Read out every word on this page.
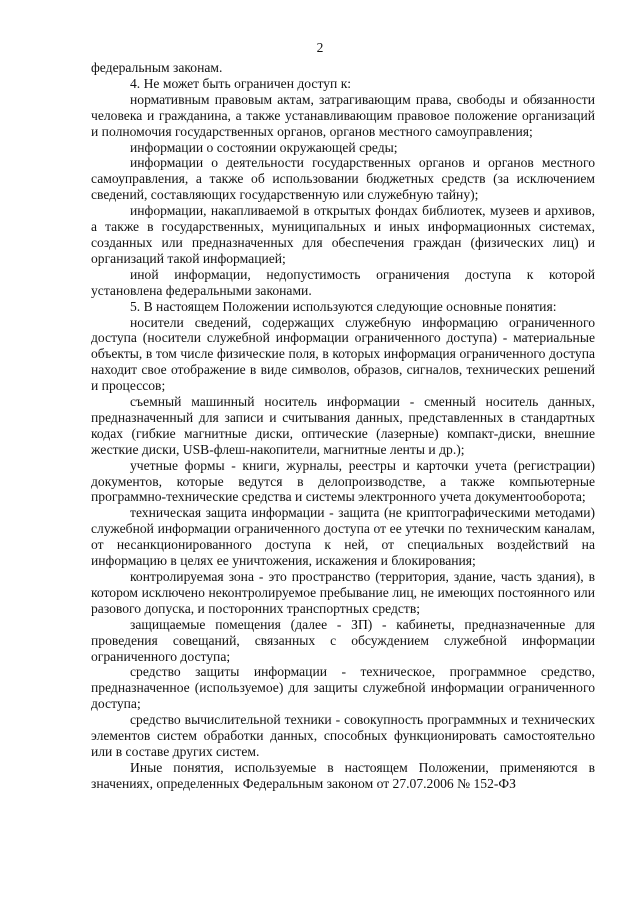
2

федеральным законам.

4. Не может быть ограничен доступ к:

нормативным правовым актам, затрагивающим права, свободы и обязанности человека и гражданина, а также устанавливающим правовое положение организаций и полномочия государственных органов, органов местного самоуправления;

информации о состоянии окружающей среды;

информации о деятельности государственных органов и органов местного самоуправления, а также об использовании бюджетных средств (за исключением сведений, составляющих государственную или служебную тайну);

информации, накапливаемой в открытых фондах библиотек, музеев и архивов, а также в государственных, муниципальных и иных информационных системах, созданных или предназначенных для обеспечения граждан (физических лиц) и организаций такой информацией;

иной информации, недопустимость ограничения доступа к которой установлена федеральными законами.

5. В настоящем Положении используются следующие основные понятия:

носители сведений, содержащих служебную информацию ограниченного доступа (носители служебной информации ограниченного доступа) - материальные объекты, в том числе физические поля, в которых информация ограниченного доступа находит свое отображение в виде символов, образов, сигналов, технических решений и процессов;

съемный машинный носитель информации - сменный носитель данных, предназначенный для записи и считывания данных, представленных в стандартных кодах (гибкие магнитные диски, оптические (лазерные) компакт-диски, внешние жесткие диски, USB-флеш-накопители, магнитные ленты и др.);

учетные формы - книги, журналы, реестры и карточки учета (регистрации) документов, которые ведутся в делопроизводстве, а также компьютерные программно-технические средства и системы электронного учета документооборота;

техническая защита информации - защита (не криптографическими методами) служебной информации ограниченного доступа от ее утечки по техническим каналам, от несанкционированного доступа к ней, от специальных воздействий на информацию в целях ее уничтожения, искажения и блокирования;

контролируемая зона - это пространство (территория, здание, часть здания), в котором исключено неконтролируемое пребывание лиц, не имеющих постоянного или разового допуска, и посторонних транспортных средств;

защищаемые помещения (далее - ЗП) - кабинеты, предназначенные для проведения совещаний, связанных с обсуждением служебной информации ограниченного доступа;

средство защиты информации - техническое, программное средство, предназначенное (используемое) для защиты служебной информации ограниченного доступа;

средство вычислительной техники - совокупность программных и технических элементов систем обработки данных, способных функционировать самостоятельно или в составе других систем.

Иные понятия, используемые в настоящем Положении, применяются в значениях, определенных Федеральным законом от 27.07.2006 № 152-ФЗ
